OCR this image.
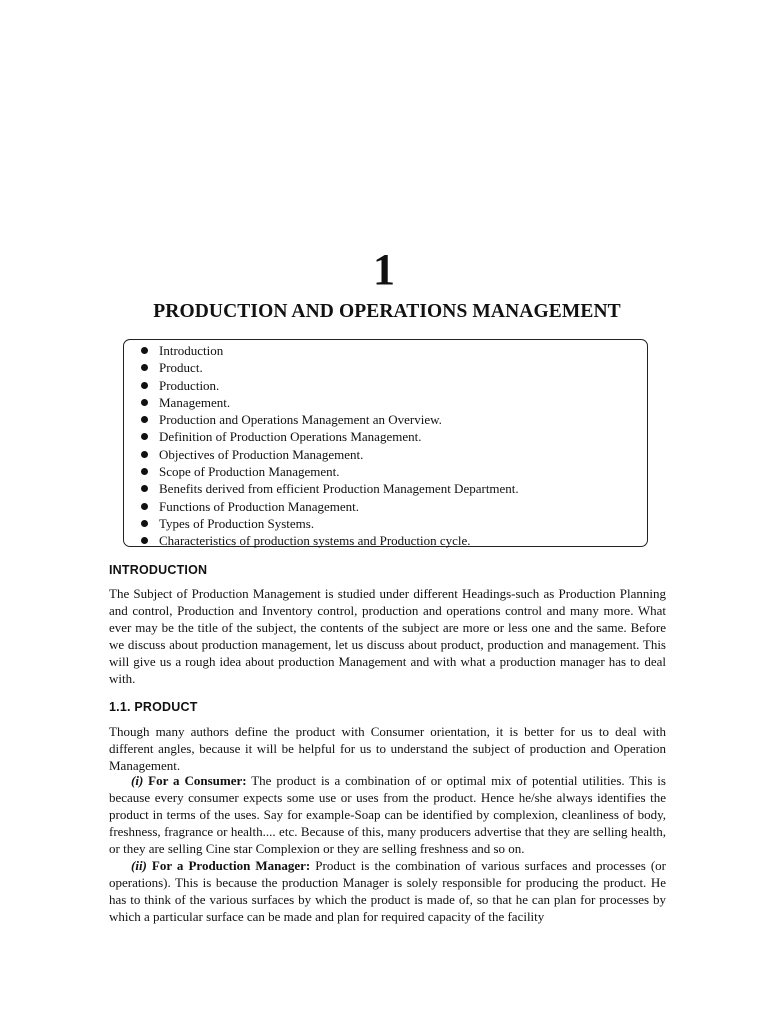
1
PRODUCTION AND OPERATIONS MANAGEMENT
Introduction
Product.
Production.
Management.
Production and Operations Management an Overview.
Definition of Production Operations Management.
Objectives of Production Management.
Scope of Production Management.
Benefits derived from efficient Production Management Department.
Functions of Production Management.
Types of Production Systems.
Characteristics of production systems and Production cycle.
INTRODUCTION

The Subject of Production Management is studied under different Headings-such as Production Planning and control, Production and Inventory control, production and operations control and many more. What ever may be the title of the subject, the contents of the subject are more or less one and the same. Before we discuss about production management, let us discuss about product, production and management. This will give us a rough idea about production Management and with what a production manager has to deal with.

1.1. PRODUCT

Though many authors define the product with Consumer orientation, it is better for us to deal with different angles, because it will be helpful for us to understand the subject of production and Operation Management.

(i) For a Consumer: The product is a combination of or optimal mix of potential utilities. This is because every consumer expects some use or uses from the product. Hence he/she always identifies the product in terms of the uses. Say for example-Soap can be identified by complexion, cleanliness of body, freshness, fragrance or health.... etc. Because of this, many producers advertise that they are selling health, or they are selling Cine star Complexion or they are selling freshness and so on.

(ii) For a Production Manager: Product is the combination of various surfaces and processes (or operations). This is because the production Manager is solely responsible for producing the product. He has to think of the various surfaces by which the product is made of, so that he can plan for processes by which a particular surface can be made and plan for required capacity of the facility
